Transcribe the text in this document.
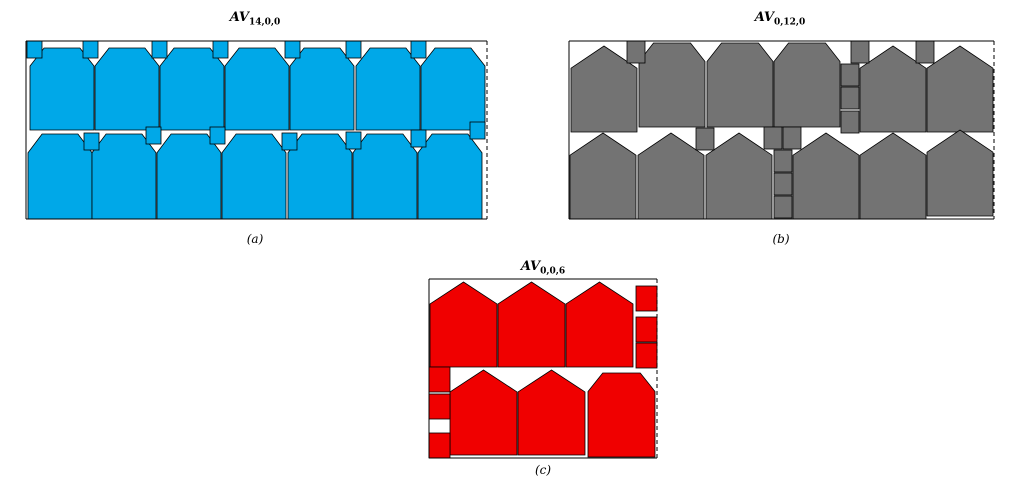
$AV_{14,0,0}$
(a)
$AV_{0,12,0}$
(b)
$AV_{0,0,6}$
(c)
